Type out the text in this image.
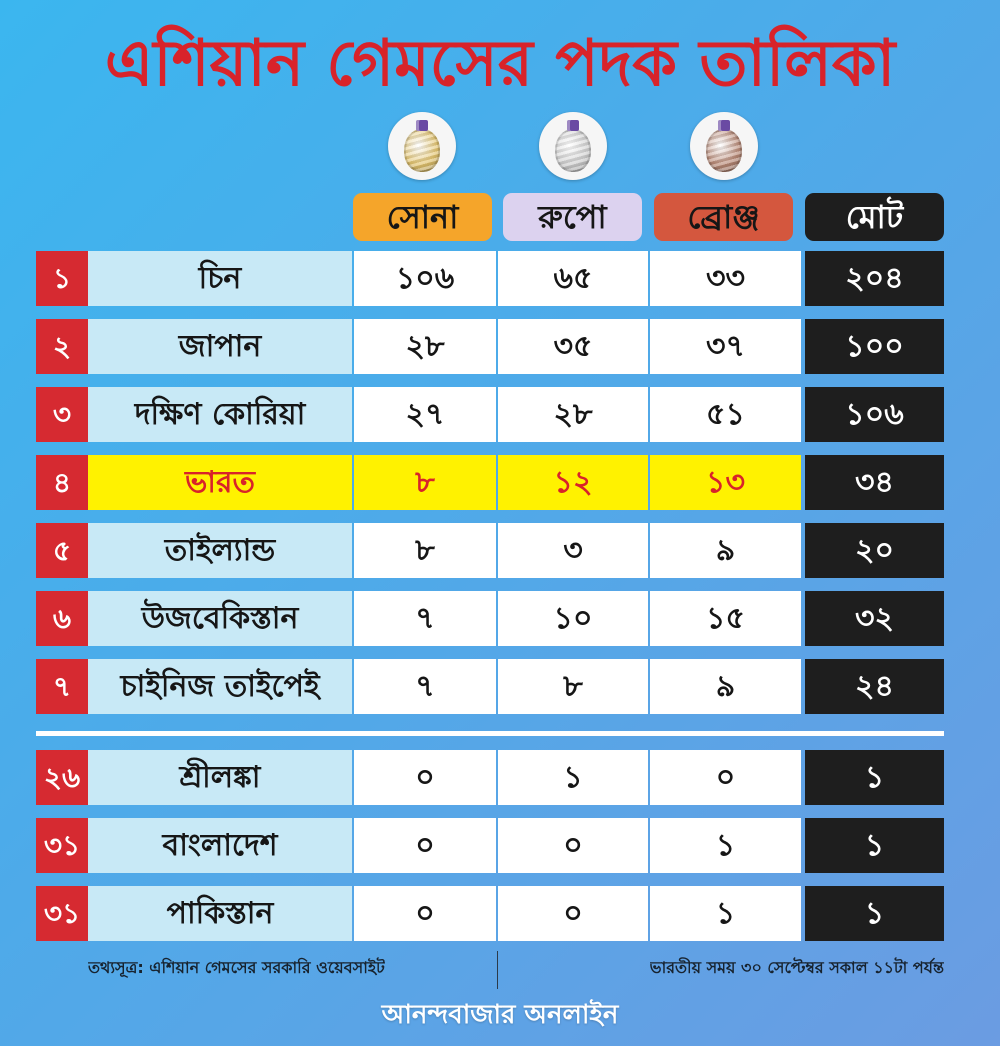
এশিয়ান গেমসের পদক তালিকা
সোনা	রুপো	ব্রোঞ্জ	মোট
১	চিন	১০৬	৬৫	৩৩	২০৪
২	জাপান	২৮	৩৫	৩৭	১০০
৩	দক্ষিণ কোরিয়া	২৭	২৮	৫১	১০৬
৪	ভারত	৮	১২	১৩	৩৪
৫	তাইল্যান্ড	৮	৩	৯	২০
৬	উজবেকিস্তান	৭	১০	১৫	৩২
৭	চাইনিজ তাইপেই	৭	৮	৯	২৪
২৬	শ্রীলঙ্কা	০	১	০	১
৩১	বাংলাদেশ	০	০	১	১
৩১	পাকিস্তান	০	০	১	১
তথ্যসূত্র: এশিয়ান গেমসের সরকারি ওয়েবসাইট	ভারতীয় সময় ৩০ সেপ্টেম্বর সকাল ১১টা পর্যন্ত
আনন্দবাজার অনলাইন
